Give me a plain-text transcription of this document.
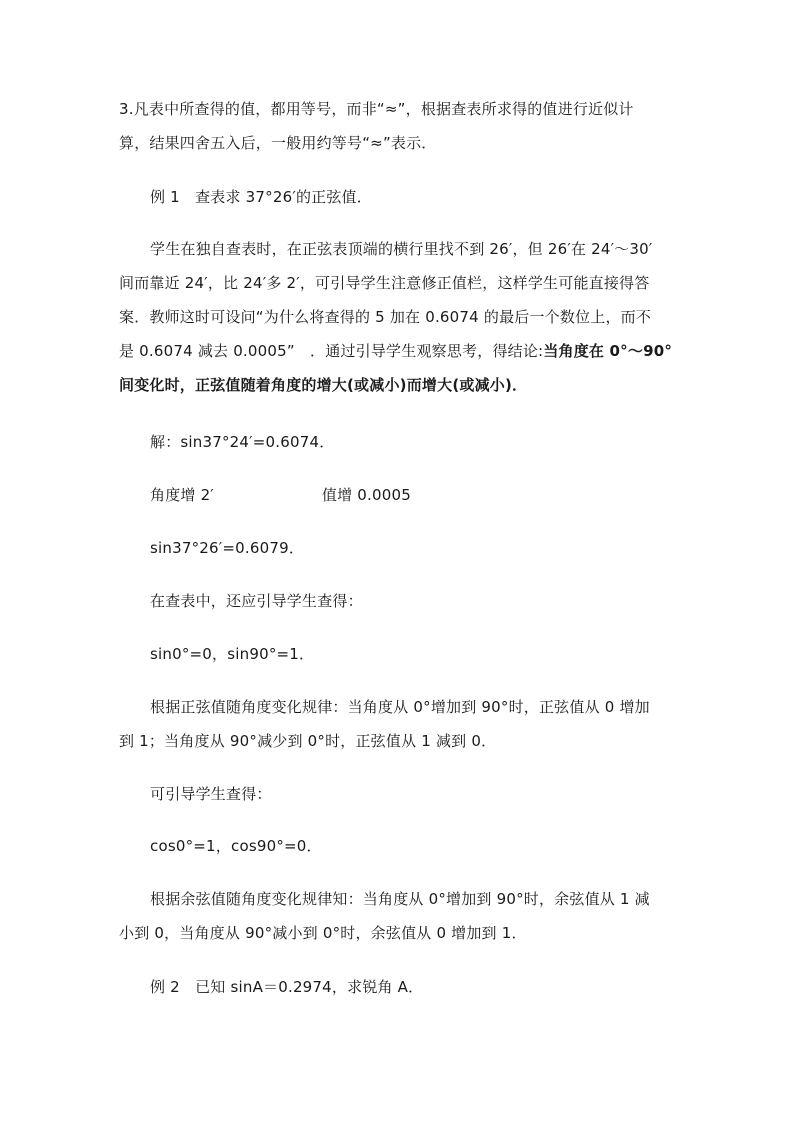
3.凡表中所查得的值，都用等号，而非“≈”，根据查表所求得的值进行近似计
算，结果四舍五入后，一般用约等号“≈”表示．
例 1　查表求 37°26′的正弦值．
学生在独自查表时，在正弦表顶端的横行里找不到 26′，但 26′在 24′～30′
间而靠近 24′，比 24′多 2′，可引导学生注意修正值栏，这样学生可能直接得答
案．教师这时可设问“为什么将查得的 5 加在 0.6074 的最后一个数位上，而不
是 0.6074 减去 0.0005”　．通过引导学生观察思考，得结论:当角度在 0°～90°
间变化时，正弦值随着角度的增大(或减小)而增大(或减小)．
解：sin37°24′=0.6074．
角度增 2′	值增 0.0005
sin37°26′=0.6079．
在查表中，还应引导学生查得：
sin0°=0，sin90°=1．
根据正弦值随角度变化规律：当角度从 0°增加到 90°时，正弦值从 0 增加
到 1；当角度从 90°减少到 0°时，正弦值从 1 减到 0．
可引导学生查得：
cos0°=1，cos90°=0．
根据余弦值随角度变化规律知：当角度从 0°增加到 90°时，余弦值从 1 减
小到 0，当角度从 90°减小到 0°时，余弦值从 0 增加到 1．
例 2　已知 sinA＝0.2974，求锐角 A．
